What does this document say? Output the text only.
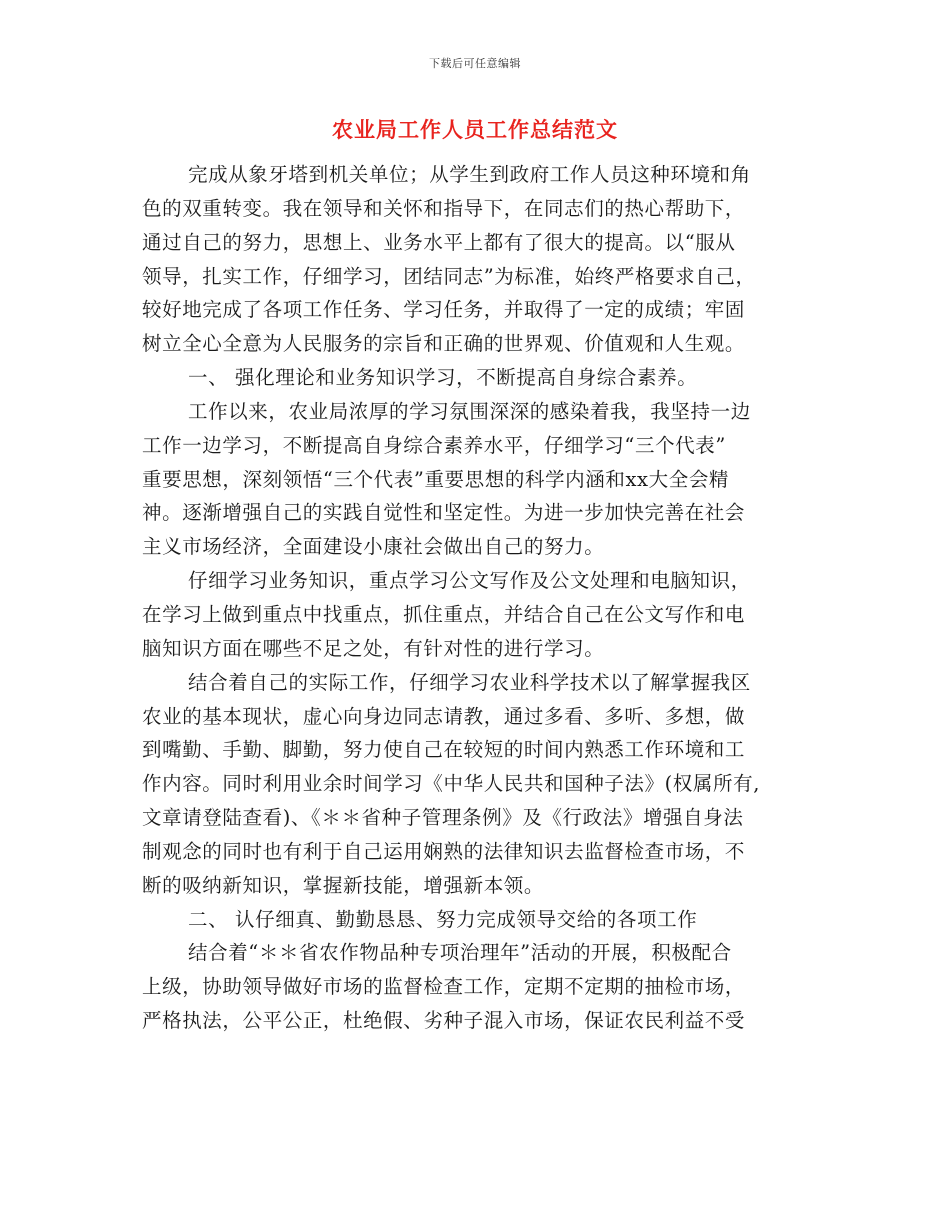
下载后可任意编辑
农业局工作人员工作总结范文
完成从象牙塔到机关单位；从学生到政府工作人员这种环境和角
色的双重转变。我在领导和关怀和指导下，在同志们的热心帮助下，
通过自己的努力，思想上、业务水平上都有了很大的提高。以“服从
领导，扎实工作，仔细学习，团结同志”为标准，始终严格要求自己，
较好地完成了各项工作任务、学习任务，并取得了一定的成绩；牢固
树立全心全意为人民服务的宗旨和正确的世界观、价值观和人生观。
一、 强化理论和业务知识学习，不断提高自身综合素养。
工作以来，农业局浓厚的学习氛围深深的感染着我，我坚持一边
工作一边学习，不断提高自身综合素养水平，仔细学习“三个代表”
重要思想，深刻领悟“三个代表”重要思想的科学内涵和xx大全会精
神。逐渐增强自己的实践自觉性和坚定性。为进一步加快完善在社会
主义市场经济，全面建设小康社会做出自己的努力。
仔细学习业务知识，重点学习公文写作及公文处理和电脑知识，
在学习上做到重点中找重点，抓住重点，并结合自己在公文写作和电
脑知识方面在哪些不足之处，有针对性的进行学习。
结合着自己的实际工作，仔细学习农业科学技术以了解掌握我区
农业的基本现状，虚心向身边同志请教，通过多看、多听、多想，做
到嘴勤、手勤、脚勤，努力使自己在较短的时间内熟悉工作环境和工
作内容。同时利用业余时间学习《中华人民共和国种子法》(权属所有,
文章请登陆查看)、《＊＊省种子管理条例》及《行政法》增强自身法
制观念的同时也有利于自己运用娴熟的法律知识去监督检查市场，不
断的吸纳新知识，掌握新技能，增强新本领。
二、 认仔细真、勤勤恳恳、努力完成领导交给的各项工作
结合着“＊＊省农作物品种专项治理年”活动的开展，积极配合
上级，协助领导做好市场的监督检查工作，定期不定期的抽检市场，
严格执法，公平公正，杜绝假、劣种子混入市场，保证农民利益不受
